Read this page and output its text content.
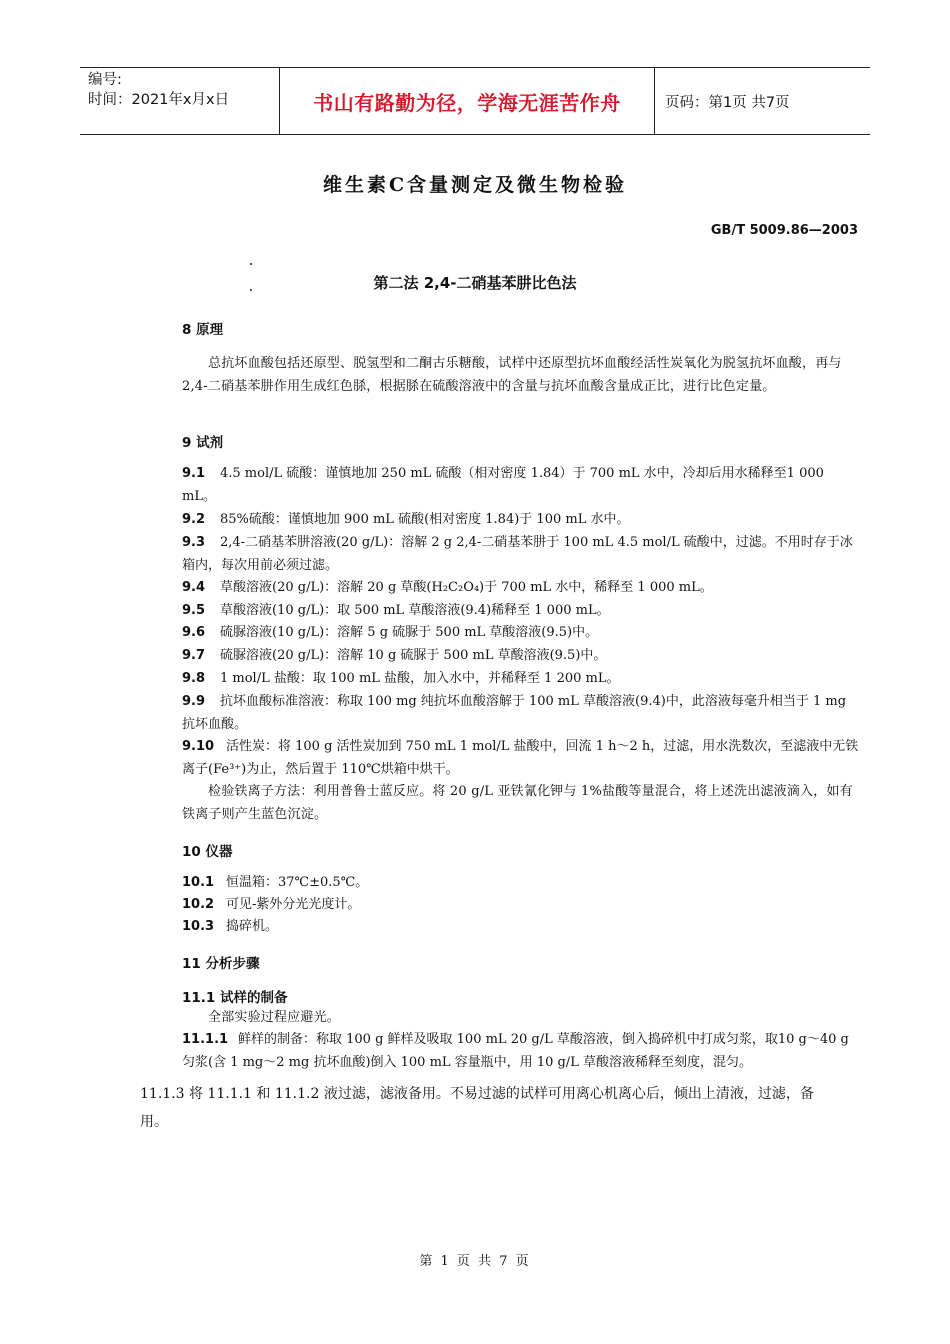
编号:
时间：2021年x月x日	书山有路勤为径，学海无涯苦作舟	页码：第1页 共7页
维生素C含量测定及微生物检验
GB/T 5009.86—2003
第二法 2,4-二硝基苯肼比色法
8 原理
总抗坏血酸包括还原型、脱氢型和二酮古乐糖酸，试样中还原型抗坏血酸经活性炭氧化为脱氢抗坏血酸，再与2,4-二硝基苯肼作用生成红色脎，根据脎在硫酸溶液中的含量与抗坏血酸含量成正比，进行比色定量。
9 试剂
9.1 4.5 mol/L 硫酸：谨慎地加 250 mL 硫酸（相对密度 1.84）于 700 mL 水中，冷却后用水稀释至1 000 mL。
9.2 85%硫酸：谨慎地加 900 mL 硫酸(相对密度 1.84)于 100 mL 水中。
9.3 2,4-二硝基苯肼溶液(20 g/L)：溶解 2 g 2,4-二硝基苯肼于 100 mL 4.5 mol/L 硫酸中，过滤。不用时存于冰箱内，每次用前必须过滤。
9.4 草酸溶液(20 g/L)：溶解 20 g 草酸(H₂C₂O₄)于 700 mL 水中，稀释至 1 000 mL。
9.5 草酸溶液(10 g/L)：取 500 mL 草酸溶液(9.4)稀释至 1 000 mL。
9.6 硫脲溶液(10 g/L)：溶解 5 g 硫脲于 500 mL 草酸溶液(9.5)中。
9.7 硫脲溶液(20 g/L)：溶解 10 g 硫脲于 500 mL 草酸溶液(9.5)中。
9.8 1 mol/L 盐酸：取 100 mL 盐酸，加入水中，并稀释至 1 200 mL。
9.9 抗坏血酸标准溶液：称取 100 mg 纯抗坏血酸溶解于 100 mL 草酸溶液(9.4)中，此溶液每毫升相当于 1 mg 抗坏血酸。
9.10 活性炭：将 100 g 活性炭加到 750 mL 1 mol/L 盐酸中，回流 1 h～2 h，过滤，用水洗数次，至滤液中无铁离子(Fe³⁺)为止，然后置于 110℃烘箱中烘干。
检验铁离子方法：利用普鲁士蓝反应。将 20 g/L 亚铁氰化钾与 1%盐酸等量混合，将上述洗出滤液滴入，如有铁离子则产生蓝色沉淀。
10 仪器
10.1 恒温箱：37℃±0.5℃。
10.2 可见-紫外分光光度计。
10.3 捣碎机。
11 分析步骤
11.1 试样的制备
全部实验过程应避光。
11.1.1 鲜样的制备：称取 100 g 鲜样及吸取 100 mL 20 g/L 草酸溶液，倒入捣碎机中打成匀浆，取10 g～40 g 匀浆(含 1 mg～2 mg 抗坏血酸)倒入 100 mL 容量瓶中，用 10 g/L 草酸溶液稀释至刻度，混匀。
11.1.3 将 11.1.1 和 11.1.2 液过滤，滤液备用。不易过滤的试样可用离心机离心后，倾出上清液，过滤，备用。
第 1 页 共 7 页
